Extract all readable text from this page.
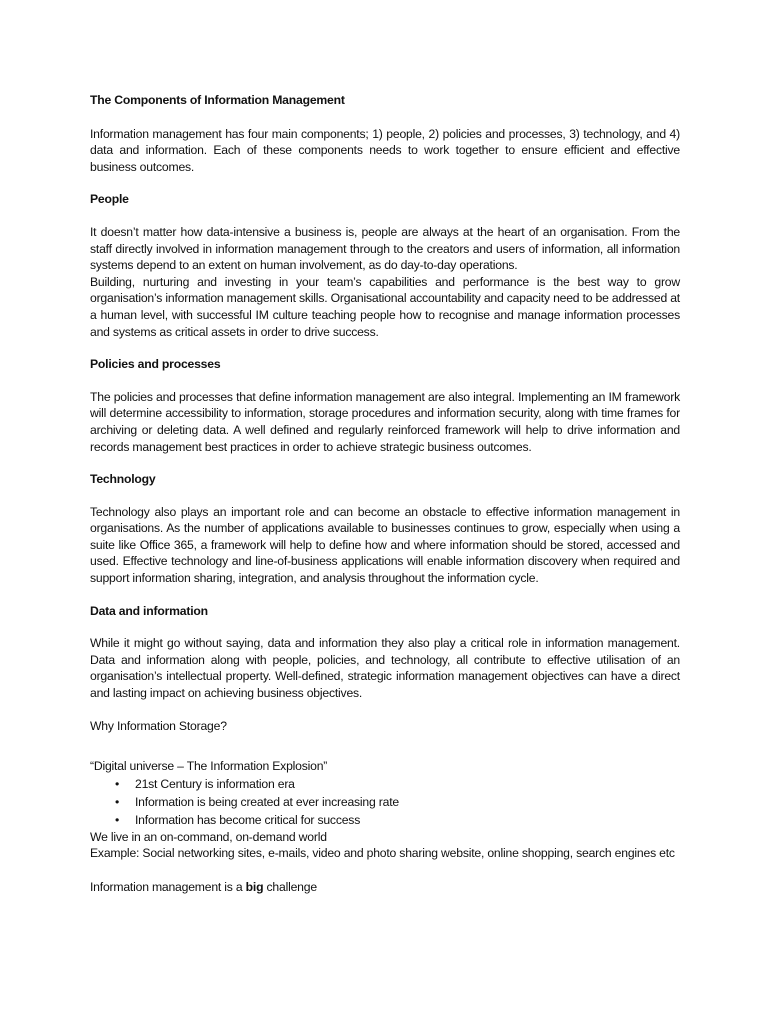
The Components of Information Management

Information management has four main components; 1) people, 2) policies and processes, 3) technology, and 4) data and information. Each of these components needs to work together to ensure efficient and effective business outcomes.

People

It doesn’t matter how data-intensive a business is, people are always at the heart of an organisation. From the staff directly involved in information management through to the creators and users of information, all information systems depend to an extent on human involvement, as do day-to-day operations.

Building, nurturing and investing in your team’s capabilities and performance is the best way to grow organisation’s information management skills. Organisational accountability and capacity need to be addressed at a human level, with successful IM culture teaching people how to recognise and manage information processes and systems as critical assets in order to drive success.

Policies and processes

The policies and processes that define information management are also integral. Implementing an IM framework will determine accessibility to information, storage procedures and information security, along with time frames for archiving or deleting data. A well defined and regularly reinforced framework will help to drive information and records management best practices in order to achieve strategic business outcomes.

Technology

Technology also plays an important role and can become an obstacle to effective information management in organisations. As the number of applications available to businesses continues to grow, especially when using a suite like Office 365, a framework will help to define how and where information should be stored, accessed and used. Effective technology and line-of-business applications will enable information discovery when required and support information sharing, integration, and analysis throughout the information cycle.

Data and information

While it might go without saying, data and information they also play a critical role in information management. Data and information along with people, policies, and technology, all contribute to effective utilisation of an organisation’s intellectual property. Well-defined, strategic information management objectives can have a direct and lasting impact on achieving business objectives.

Why Information Storage?

“Digital universe – The Information Explosion”

• 21st Century is information era
• Information is being created at ever increasing rate
• Information has become critical for success

We live in an on-command, on-demand world

Example: Social networking sites, e-mails, video and photo sharing website, online shopping, search engines etc

Information management is a big challenge
